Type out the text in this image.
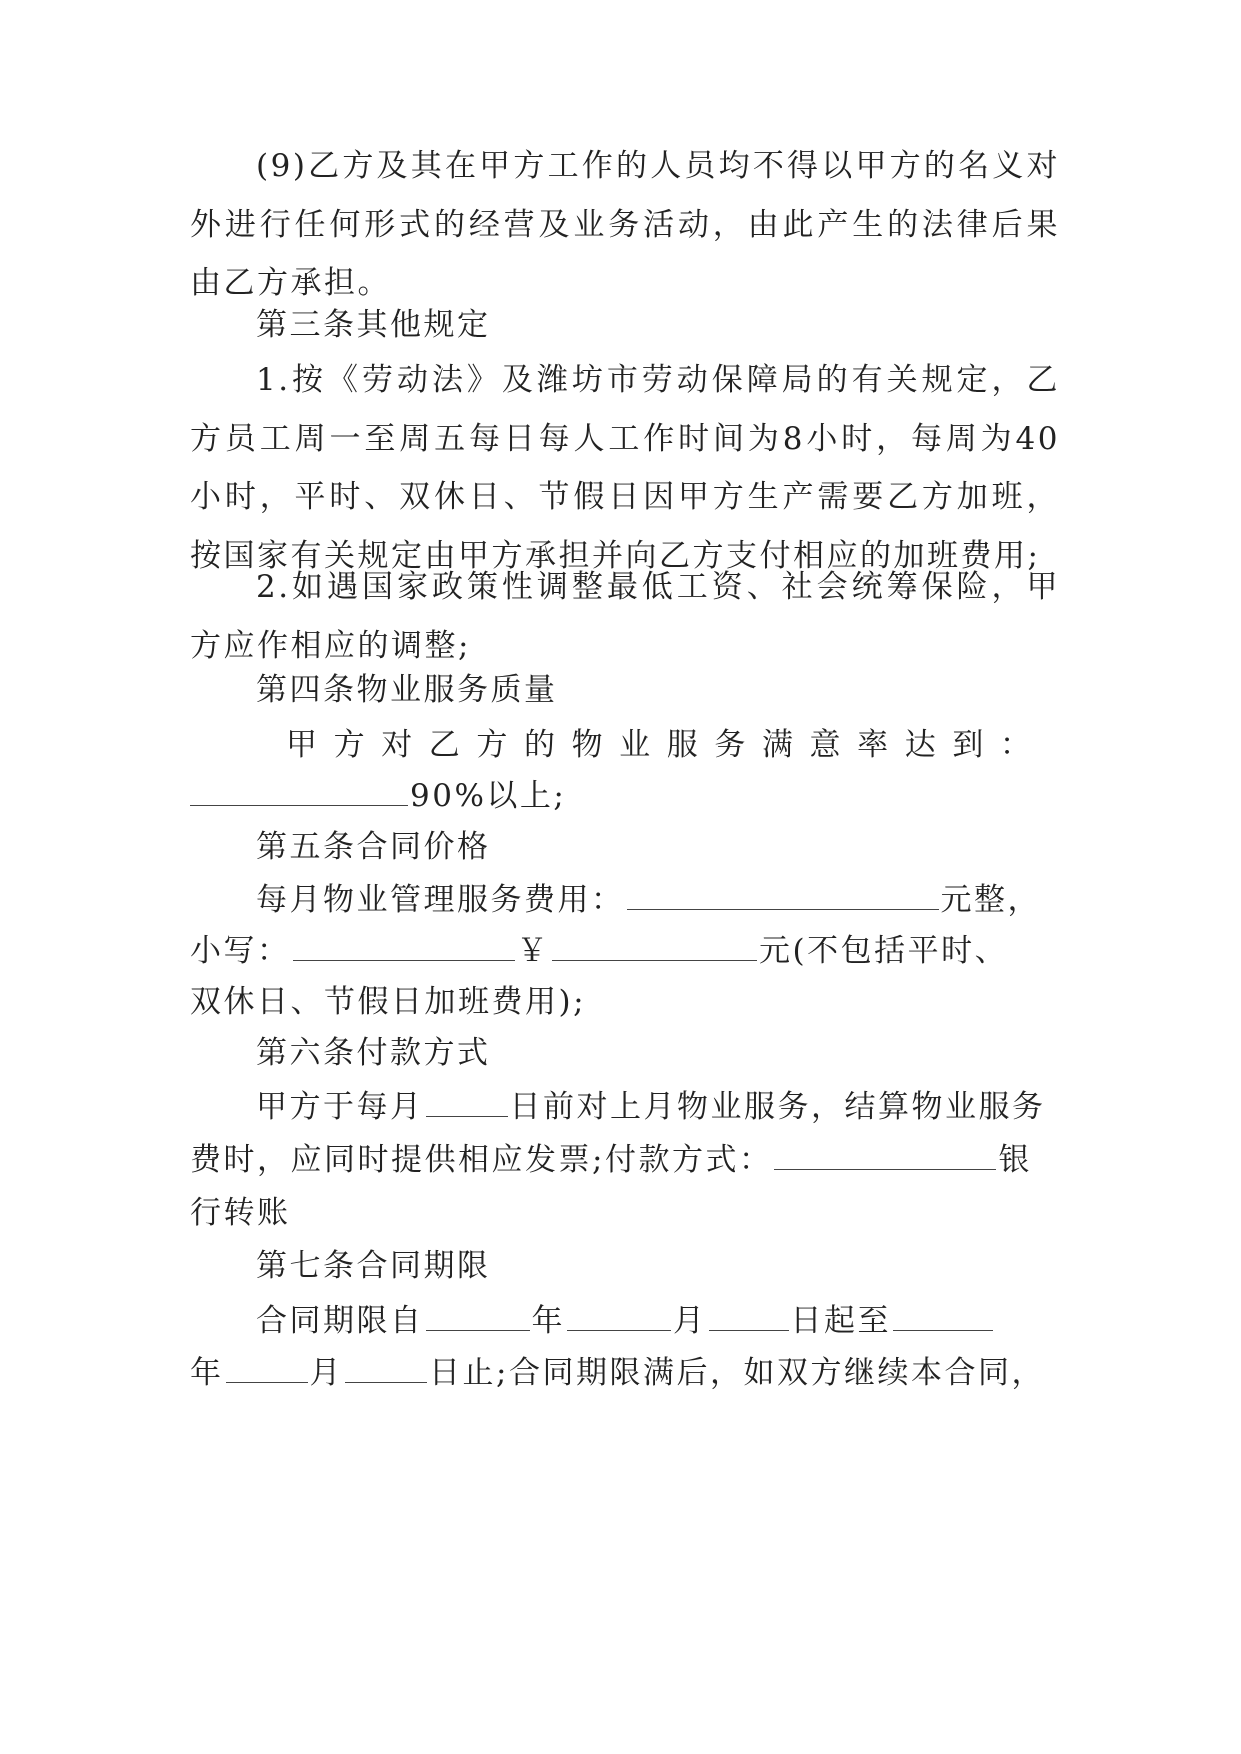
(9)乙方及其在甲方工作的人员均不得以甲方的名义对外进行任何形式的经营及业务活动，由此产生的法律后果由乙方承担。
第三条其他规定
1.按《劳动法》及潍坊市劳动保障局的有关规定，乙方员工周一至周五每日每人工作时间为8小时，每周为40小时，平时、双休日、节假日因甲方生产需要乙方加班，按国家有关规定由甲方承担并向乙方支付相应的加班费用;
2.如遇国家政策性调整最低工资、社会统筹保险，甲方应作相应的调整;
第四条物业服务质量
甲 方 对 乙 方 的 物 业 服 务 满 意 率 达 到 ：
90%以上;
第五条合同价格
每月物业管理服务费用：	元整，
小写：	￥	元(不包括平时、
双休日、节假日加班费用);
第六条付款方式
甲方于每月	日前对上月物业服务，结算物业服务
费时，应同时提供相应发票;付款方式：	银
行转账
第七条合同期限
合同期限自	年	月	日起至
年	月	日止;合同期限满后，如双方继续本合同，
